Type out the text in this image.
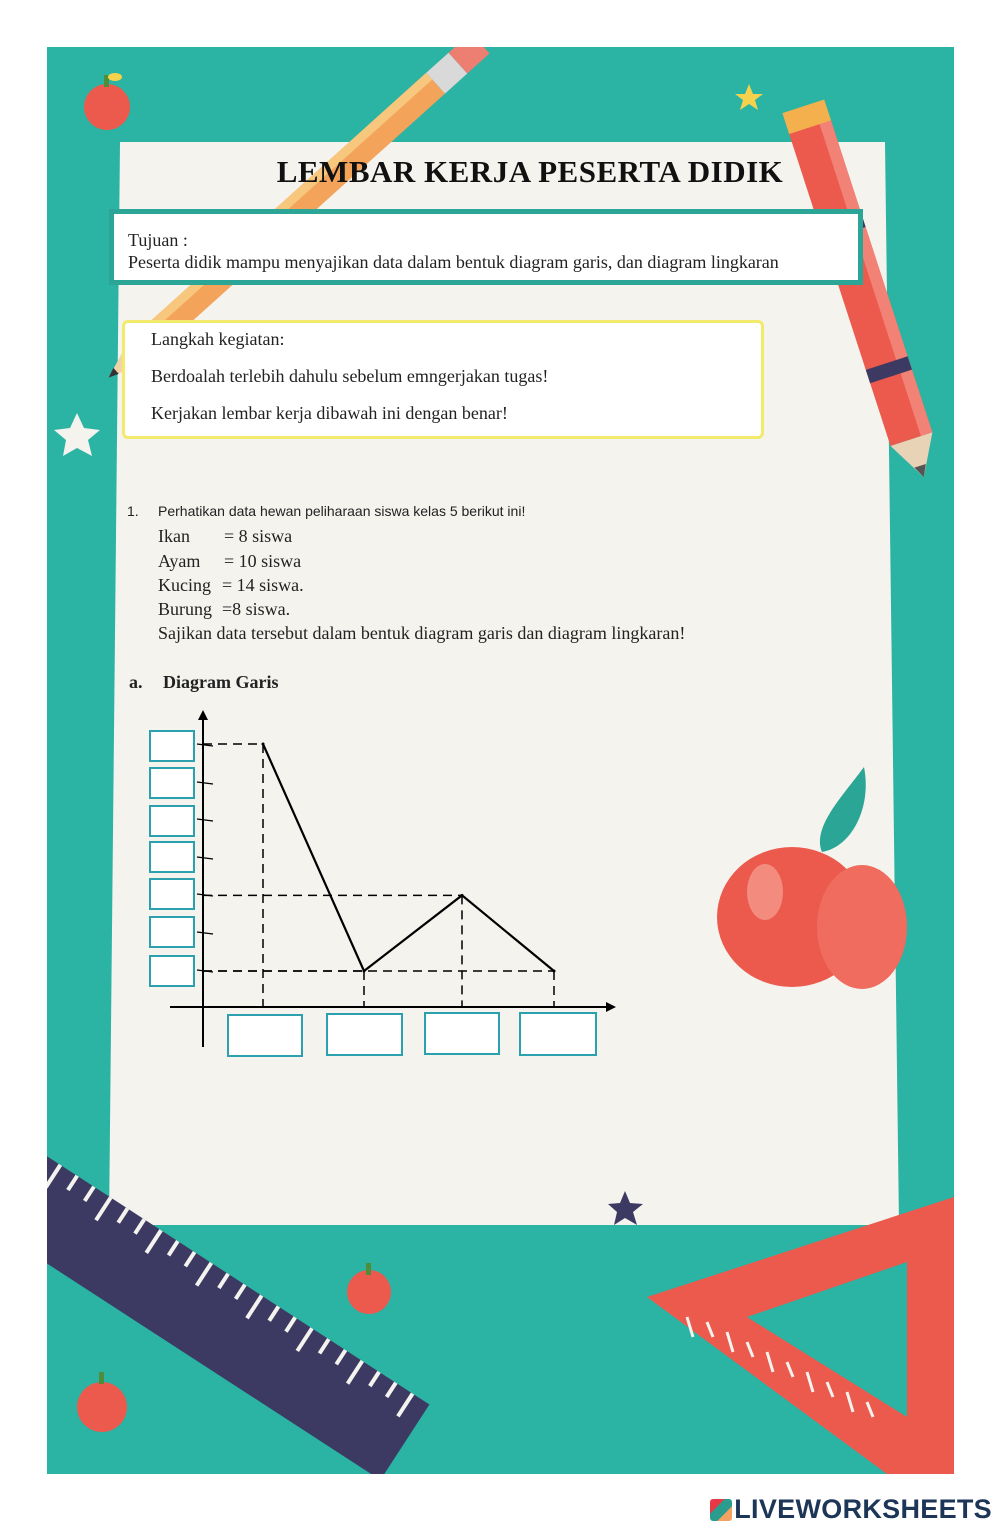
LEMBAR KERJA PESERTA DIDIK
Tujuan :
Peserta didik mampu menyajikan data dalam bentuk diagram garis, dan diagram lingkaran
Langkah kegiatan:
Berdoalah terlebih dahulu sebelum emngerjakan tugas!
Kerjakan lembar kerja dibawah ini dengan benar!
1. Perhatikan data hewan peliharaan siswa kelas 5 berikut ini!
Ikan = 8 siswa
Ayam = 10 siswa
Kucing = 14 siswa.
Burung =8 siswa.
Sajikan data tersebut dalam bentuk diagram garis dan diagram lingkaran!
a. Diagram Garis
LIVEWORKSHEETS
